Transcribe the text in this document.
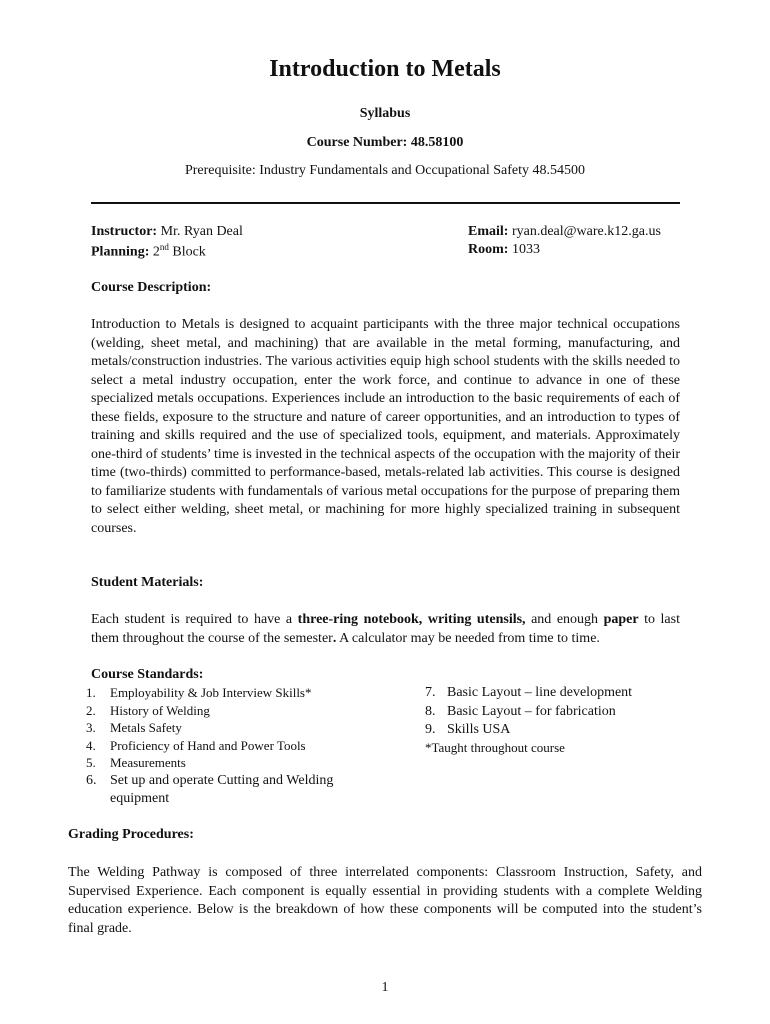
Introduction to Metals
Syllabus
Course Number: 48.58100
Prerequisite: Industry Fundamentals and Occupational Safety 48.54500
Instructor: Mr. Ryan Deal
Planning: 2nd Block
Email: ryan.deal@ware.k12.ga.us
Room: 1033
Course Description:
Introduction to Metals is designed to acquaint participants with the three major technical occupations (welding, sheet metal, and machining) that are available in the metal forming, manufacturing, and metals/construction industries. The various activities equip high school students with the skills needed to select a metal industry occupation, enter the work force, and continue to advance in one of these specialized metals occupations. Experiences include an introduction to the basic requirements of each of these fields, exposure to the structure and nature of career opportunities, and an introduction to types of training and skills required and the use of specialized tools, equipment, and materials. Approximately one-third of students’ time is invested in the technical aspects of the occupation with the majority of their time (two-thirds) committed to performance-based, metals-related lab activities. This course is designed to familiarize students with fundamentals of various metal occupations for the purpose of preparing them to select either welding, sheet metal, or machining for more highly specialized training in subsequent courses.
Student Materials:
Each student is required to have a three-ring notebook, writing utensils, and enough paper to last them throughout the course of the semester. A calculator may be needed from time to time.
Course Standards:
1.	Employability & Job Interview Skills*
2.	History of Welding
3.	Metals Safety
4.	Proficiency of Hand and Power Tools
5.	Measurements
6. Set up and operate Cutting and Welding equipment
7. Basic Layout – line development
8. Basic Layout – for fabrication
9. Skills USA
*Taught throughout course
Grading Procedures:
The Welding Pathway is composed of three interrelated components: Classroom Instruction, Safety, and Supervised Experience. Each component is equally essential in providing students with a complete Welding education experience. Below is the breakdown of how these components will be computed into the student’s final grade.
1
